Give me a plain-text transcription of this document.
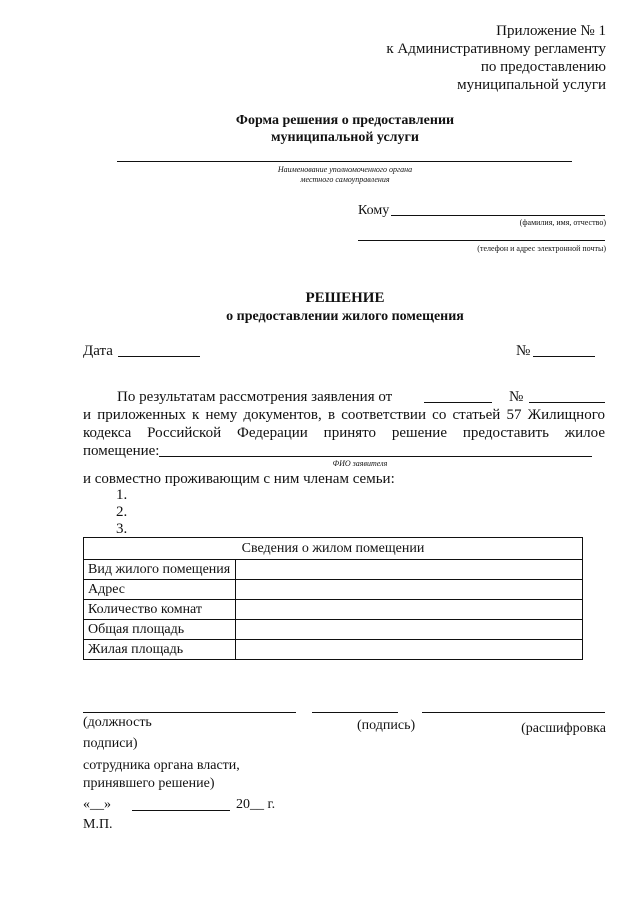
Приложение № 1
к Административному регламенту
по предоставлению
муниципальной услуги
Форма решения о предоставлении
муниципальной услуги
Наименование уполномоченного органа
местного самоуправления
Кому
(фамилия, имя, отчество)
(телефон и адрес электронной почты)
РЕШЕНИЕ
о предоставлении жилого помещения
Дата	№
По результатам рассмотрения заявления от	№
и приложенных к нему документов, в соответствии со статьей 57 Жилищного
кодекса Российской Федерации принято решение предоставить жилое
помещение:
ФИО заявителя
и совместно проживающим с ним членам семьи:
1.
2.
3.
Сведения о жилом помещении	
Вид жилого помещения	
Адрес	
Количество комнат	
Общая площадь	
Жилая площадь	
(должность	(подпись)	(расшифровка
подписи)
сотрудника органа власти,
принявшего решение)
«__»	20__ г.
М.П.
